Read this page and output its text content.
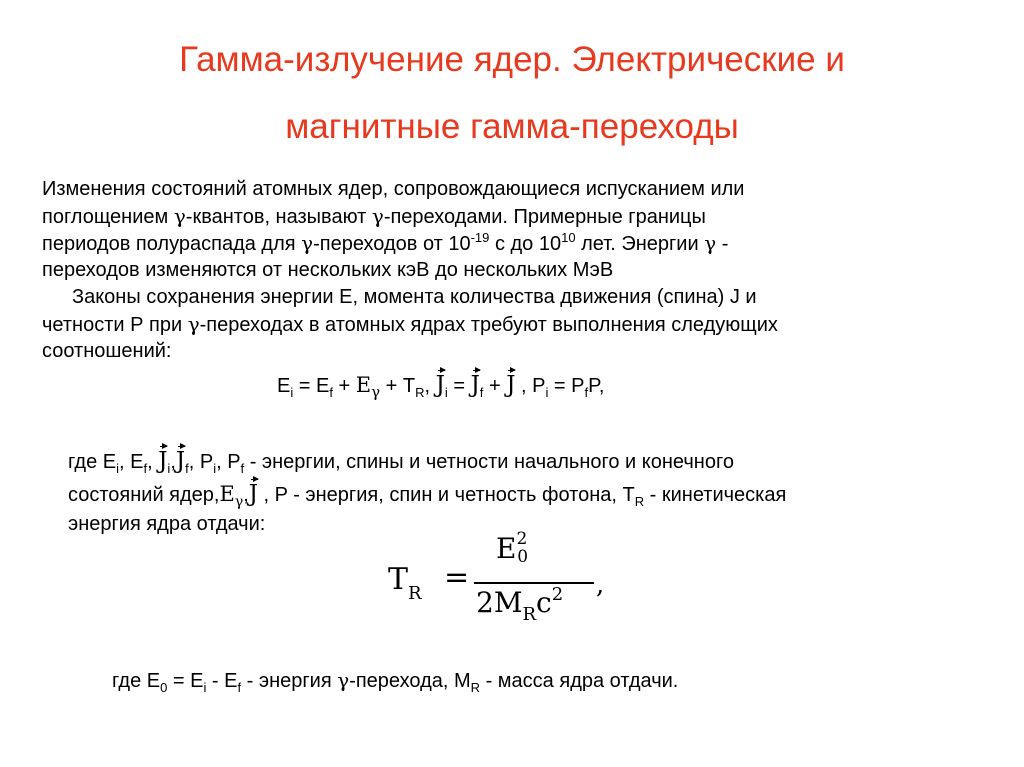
Гамма-излучение ядер. Электрические и
магнитные гамма-переходы

Изменения состояний атомных ядер, сопровождающиеся испусканием или

поглощением γ-квантов, называют γ-переходами. Примерные границы

периодов полураспада для γ-переходов от $10^{-19}$ с до $10^{10}$ лет. Энергии γ -

переходов изменяются от нескольких кэВ до нескольких МэВ

Законы сохранения энергии Е, момента количества движения (спина) J и

четности Р при γ-переходах в атомных ядрах требуют выполнения следующих

соотношений:

$E_i = E_f + E_\gamma + T_R$, $J_i = J_f + J$ , $P_i = P_fP$,

где $E_i$, $E_f$, $J_i,J_f$, $P_i$, $P_f$ - энергии, спины и четности начального и конечного

состояний $ядер,E_\gamma,J$ , P - энергия, спин и четность фотона, $T_R$ - кинетическая

энергия ядра отдачи:

$T_R$ =
$E^20$
$2M_Rc^2$ ,

где $E_0 = E_i - E_f$ - энергия γ-перехода, $M_R$ - масса ядра отдачи.
